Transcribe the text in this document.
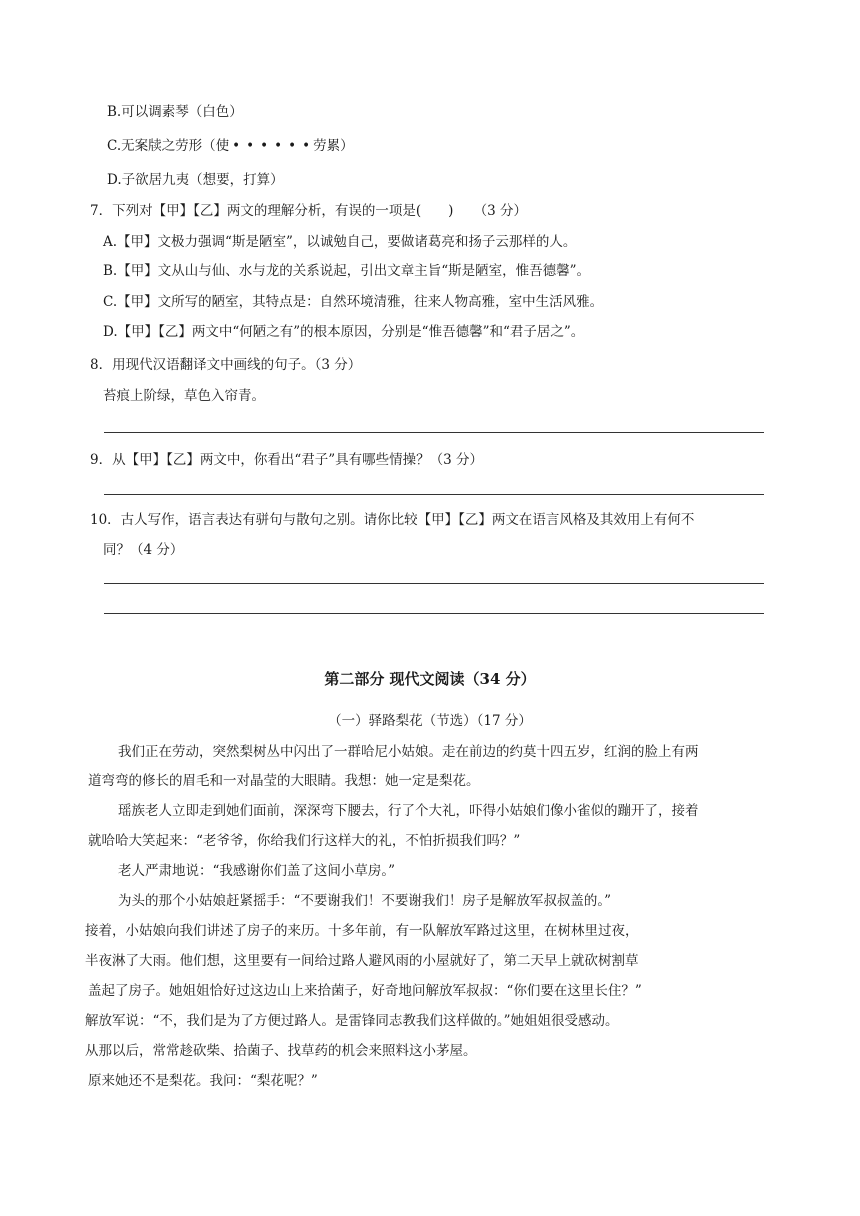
B.可以调素琴（白色）
C.无案牍之劳形（使 • • • • • • 劳累）
D.子欲居九夷（想要，打算）
7．下列对【甲】【乙】两文的理解分析，有误的一项是(　　)　　（3 分）
A.【甲】文极力强调“斯是陋室”，以诚勉自己，要做诸葛亮和扬子云那样的人。
B.【甲】文从山与仙、水与龙的关系说起，引出文章主旨“斯是陋室，惟吾德馨”。
C.【甲】文所写的陋室，其特点是：自然环境清雅，往来人物高雅，室中生活风雅。
D.【甲】【乙】两文中“何陋之有”的根本原因，分别是“惟吾德馨”和“君子居之”。
8．用现代汉语翻译文中画线的句子。（3 分）
苔痕上阶绿，草色入帘青。
9．从【甲】【乙】两文中，你看出“君子”具有哪些情操？（3 分）
10．古人写作，语言表达有骈句与散句之别。请你比较【甲】【乙】两文在语言风格及其效用上有何不
同？（4 分）
第二部分 现代文阅读（34 分）
（一）驿路梨花（节选）（17 分）
我们正在劳动，突然梨树丛中闪出了一群哈尼小姑娘。走在前边的约莫十四五岁，红润的脸上有两
道弯弯的修长的眉毛和一对晶莹的大眼睛。我想：她一定是梨花。
瑶族老人立即走到她们面前，深深弯下腰去，行了个大礼，吓得小姑娘们像小雀似的蹦开了，接着
就哈哈大笑起来：“老爷爷，你给我们行这样大的礼，不怕折损我们吗？”
老人严肃地说：“我感谢你们盖了这间小草房。”
为头的那个小姑娘赶紧摇手：“不要谢我们！不要谢我们！房子是解放军叔叔盖的。”
接着，小姑娘向我们讲述了房子的来历。十多年前，有一队解放军路过这里，在树林里过夜，
半夜淋了大雨。他们想，这里要有一间给过路人避风雨的小屋就好了，第二天早上就砍树割草
盖起了房子。她姐姐恰好过这边山上来拾菌子，好奇地问解放军叔叔：“你们要在这里长住？”
解放军说：“不，我们是为了方便过路人。是雷锋同志教我们这样做的。”她姐姐很受感动。
从那以后，常常趁砍柴、拾菌子、找草药的机会来照料这小茅屋。
原来她还不是梨花。我问：“梨花呢？”
